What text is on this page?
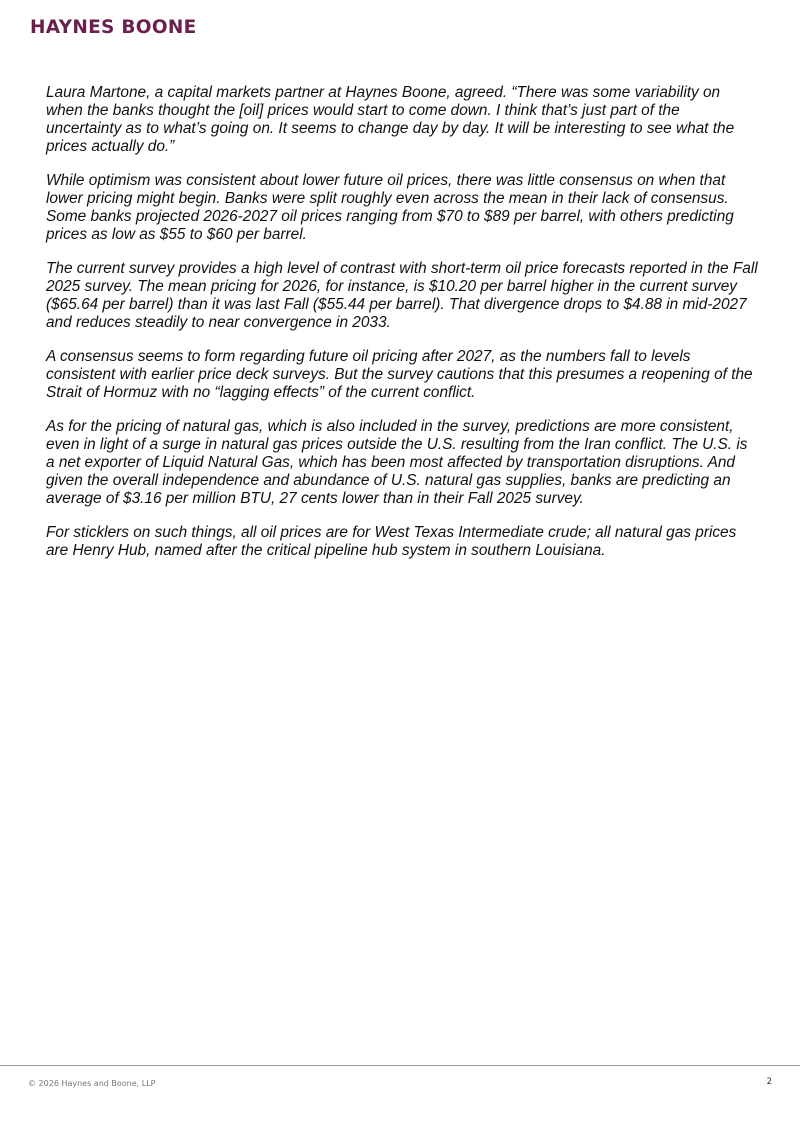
HAYNES BOONE

Laura Martone, a capital markets partner at Haynes Boone, agreed. “There was some variability on when the banks thought the [oil] prices would start to come down. I think that’s just part of the uncertainty as to what’s going on. It seems to change day by day. It will be interesting to see what the prices actually do.”

While optimism was consistent about lower future oil prices, there was little consensus on when that lower pricing might begin. Banks were split roughly even across the mean in their lack of consensus. Some banks projected 2026-2027 oil prices ranging from $70 to $89 per barrel, with others predicting prices as low as $55 to $60 per barrel.

The current survey provides a high level of contrast with short-term oil price forecasts reported in the Fall 2025 survey. The mean pricing for 2026, for instance, is $10.20 per barrel higher in the current survey ($65.64 per barrel) than it was last Fall ($55.44 per barrel). That divergence drops to $4.88 in mid-2027 and reduces steadily to near convergence in 2033.

A consensus seems to form regarding future oil pricing after 2027, as the numbers fall to levels consistent with earlier price deck surveys. But the survey cautions that this presumes a reopening of the Strait of Hormuz with no “lagging effects” of the current conflict.

As for the pricing of natural gas, which is also included in the survey, predictions are more consistent, even in light of a surge in natural gas prices outside the U.S. resulting from the Iran conflict. The U.S. is a net exporter of Liquid Natural Gas, which has been most affected by transportation disruptions. And given the overall independence and abundance of U.S. natural gas supplies, banks are predicting an average of $3.16 per million BTU, 27 cents lower than in their Fall 2025 survey.

For sticklers on such things, all oil prices are for West Texas Intermediate crude; all natural gas prices are Henry Hub, named after the critical pipeline hub system in southern Louisiana.

© 2026 Haynes and Boone, LLP	2
